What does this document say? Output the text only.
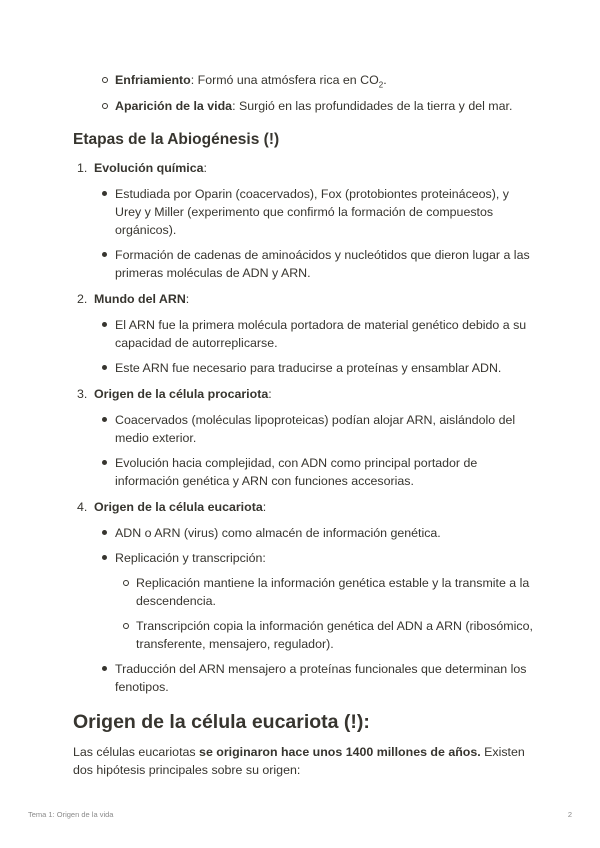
Enfriamiento: Formó una atmósfera rica en $CO_2$.
Aparición de la vida: Surgió en las profundidades de la tierra y del mar.
Etapas de la Abiogénesis (!)
1. Evolución química:
Estudiada por Oparin (coacervados), Fox (protobiontes proteináceos), y Urey y Miller (experimento que confirmó la formación de compuestos orgánicos).
Formación de cadenas de aminoácidos y nucleótidos que dieron lugar a las primeras moléculas de ADN y ARN.
2. Mundo del ARN:
El ARN fue la primera molécula portadora de material genético debido a su capacidad de autorreplicarse.
Este ARN fue necesario para traducirse a proteínas y ensamblar ADN.
3. Origen de la célula procariota:
Coacervados (moléculas lipoproteicas) podían alojar ARN, aislándolo del medio exterior.
Evolución hacia complejidad, con ADN como principal portador de información genética y ARN con funciones accesorias.
4. Origen de la célula eucariota:
ADN o ARN (virus) como almacén de información genética.
Replicación y transcripción:
Replicación mantiene la información genética estable y la transmite a la descendencia.
Transcripción copia la información genética del ADN a ARN (ribosómico, transferente, mensajero, regulador).
Traducción del ARN mensajero a proteínas funcionales que determinan los fenotipos.
Origen de la célula eucariota (!):

Las células eucariotas se originaron hace unos 1400 millones de años. Existen dos hipótesis principales sobre su origen:

Tema 1: Origen de la vida	2
